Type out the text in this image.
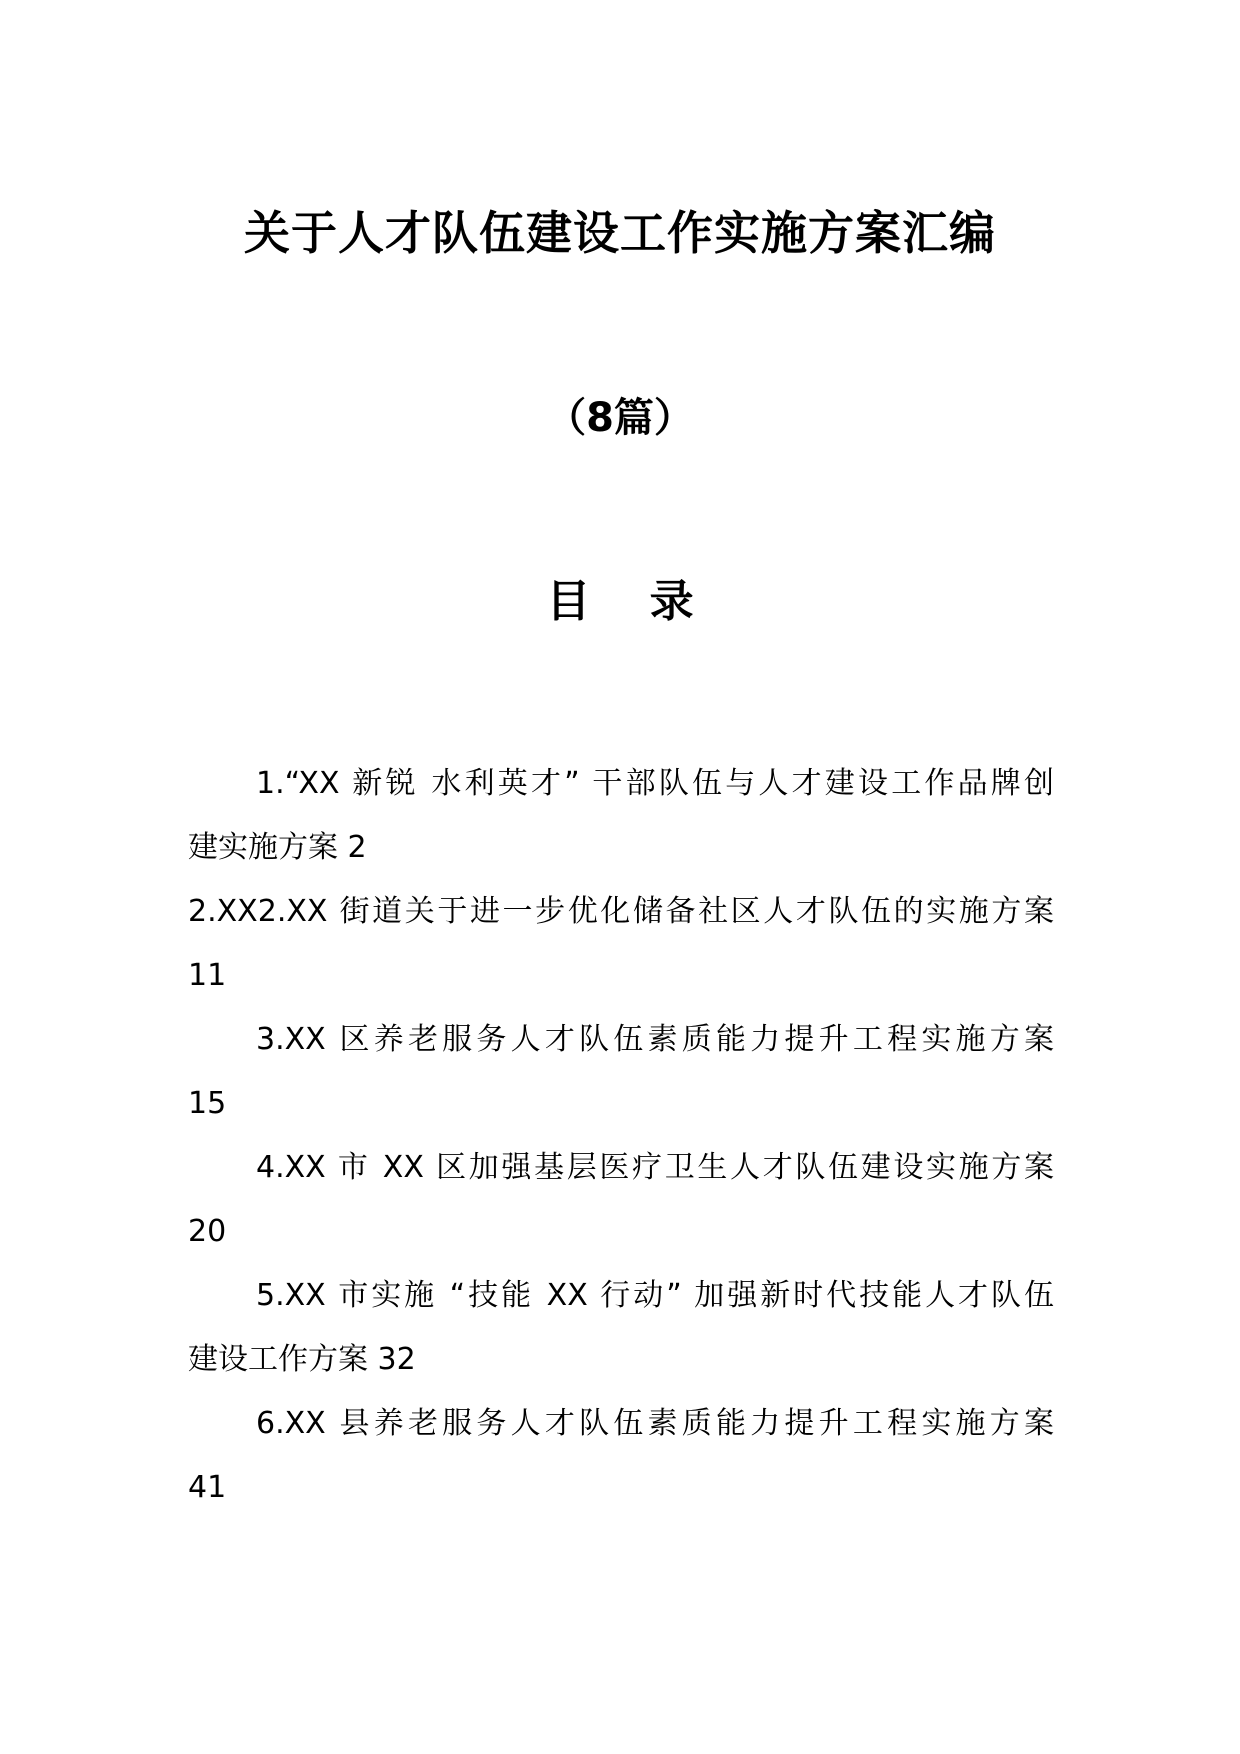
关于人才队伍建设工作实施方案汇编
（8篇）
目 录
1.“XX 新锐 水利英才” 干部队伍与人才建设工作品牌创
建实施方案 2
2.XX2.XX 街道关于进一步优化储备社区人才队伍的实施方案
11
3.XX 区养老服务人才队伍素质能力提升工程实施方案
15
4.XX 市 XX 区加强基层医疗卫生人才队伍建设实施方案
20
5.XX 市实施 “技能 XX 行动” 加强新时代技能人才队伍
建设工作方案 32
6.XX 县养老服务人才队伍素质能力提升工程实施方案
41
